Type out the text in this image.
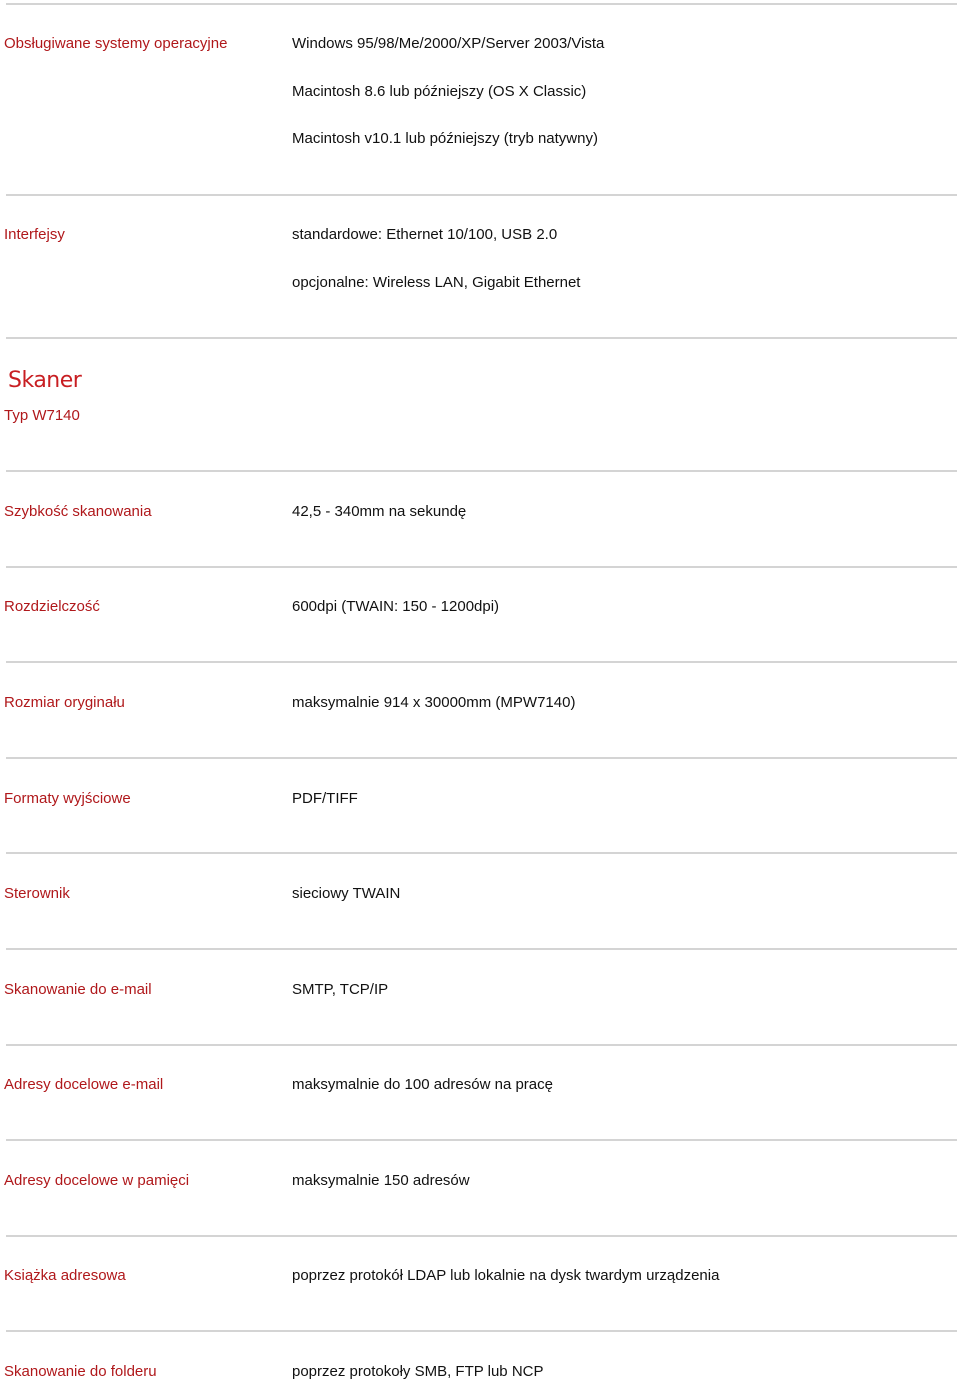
Obsługiwane systemy operacyjne	Windows 95/98/Me/2000/XP/Server 2003/Vista
Macintosh 8.6 lub późniejszy (OS X Classic)
Macintosh v10.1 lub późniejszy (tryb natywny)
Interfejsy	standardowe: Ethernet 10/100, USB 2.0
opcjonalne: Wireless LAN, Gigabit Ethernet
Skaner
Typ W7140
Szybkość skanowania	42,5 - 340mm na sekundę
Rozdzielczość	600dpi (TWAIN: 150 - 1200dpi)
Rozmiar oryginału	maksymalnie 914 x 30000mm (MPW7140)
Formaty wyjściowe	PDF/TIFF
Sterownik	sieciowy TWAIN
Skanowanie do e-mail	SMTP, TCP/IP
Adresy docelowe e-mail	maksymalnie do 100 adresów na pracę
Adresy docelowe w pamięci	maksymalnie 150 adresów
Książka adresowa	poprzez protokół LDAP lub lokalnie na dysk twardym urządzenia
Skanowanie do folderu	poprzez protokoły SMB, FTP lub NCP
